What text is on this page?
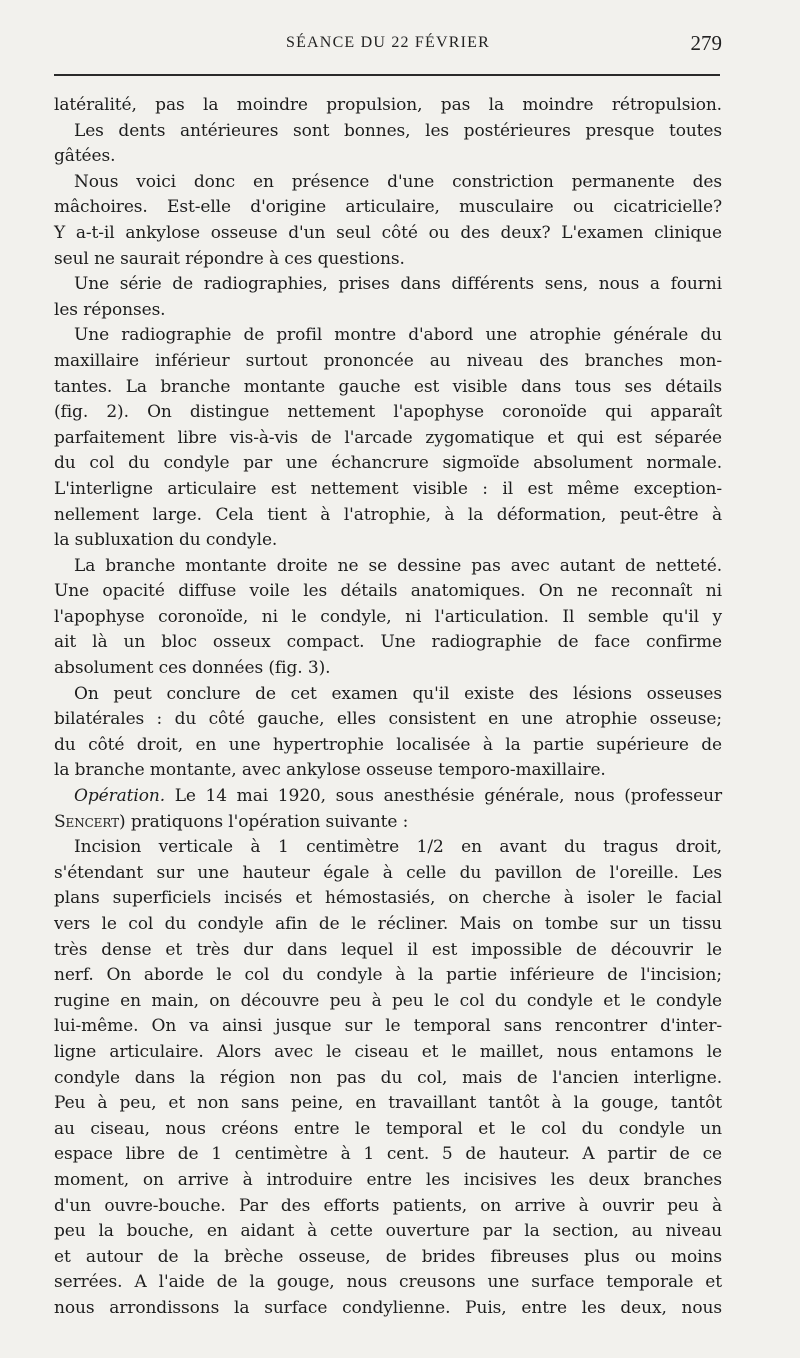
SÉANCE DU 22 FÉVRIER	279
latéralité, pas la moindre propulsion, pas la moindre rétropulsion.
Les dents antérieures sont bonnes, les postérieures presque toutes
gâtées.
Nous voici donc en présence d'une constriction permanente des
mâchoires. Est-elle d'origine articulaire, musculaire ou cicatricielle?
Y a-t-il ankylose osseuse d'un seul côté ou des deux? L'examen clinique
seul ne saurait répondre à ces questions.
Une série de radiographies, prises dans différents sens, nous a fourni
les réponses.
Une radiographie de profil montre d'abord une atrophie générale du
maxillaire inférieur surtout prononcée au niveau des branches mon-
tantes. La branche montante gauche est visible dans tous ses détails
(fig. 2). On distingue nettement l'apophyse coronoïde qui apparaît
parfaitement libre vis-à-vis de l'arcade zygomatique et qui est séparée
du col du condyle par une échancrure sigmoïde absolument normale.
L'interligne articulaire est nettement visible : il est même exception-
nellement large. Cela tient à l'atrophie, à la déformation, peut-être à
la subluxation du condyle.
La branche montante droite ne se dessine pas avec autant de netteté.
Une opacité diffuse voile les détails anatomiques. On ne reconnaît ni
l'apophyse coronoïde, ni le condyle, ni l'articulation. Il semble qu'il y
ait là un bloc osseux compact. Une radiographie de face confirme
absolument ces données (fig. 3).
On peut conclure de cet examen qu'il existe des lésions osseuses
bilatérales : du côté gauche, elles consistent en une atrophie osseuse;
du côté droit, en une hypertrophie localisée à la partie supérieure de
la branche montante, avec ankylose osseuse temporo-maxillaire.
Opération. Le 14 mai 1920, sous anesthésie générale, nous (professeur
Sencert) pratiquons l'opération suivante :
Incision verticale à 1 centimètre 1/2 en avant du tragus droit,
s'étendant sur une hauteur égale à celle du pavillon de l'oreille. Les
plans superficiels incisés et hémostasiés, on cherche à isoler le facial
vers le col du condyle afin de le récliner. Mais on tombe sur un tissu
très dense et très dur dans lequel il est impossible de découvrir le
nerf. On aborde le col du condyle à la partie inférieure de l'incision;
rugine en main, on découvre peu à peu le col du condyle et le condyle
lui-même. On va ainsi jusque sur le temporal sans rencontrer d'inter-
ligne articulaire. Alors avec le ciseau et le maillet, nous entamons le
condyle dans la région non pas du col, mais de l'ancien interligne.
Peu à peu, et non sans peine, en travaillant tantôt à la gouge, tantôt
au ciseau, nous créons entre le temporal et le col du condyle un
espace libre de 1 centimètre à 1 cent. 5 de hauteur. A partir de ce
moment, on arrive à introduire entre les incisives les deux branches
d'un ouvre-bouche. Par des efforts patients, on arrive à ouvrir peu à
peu la bouche, en aidant à cette ouverture par la section, au niveau
et autour de la brèche osseuse, de brides fibreuses plus ou moins
serrées. A l'aide de la gouge, nous creusons une surface temporale et
nous arrondissons la surface condylienne. Puis, entre les deux, nous
